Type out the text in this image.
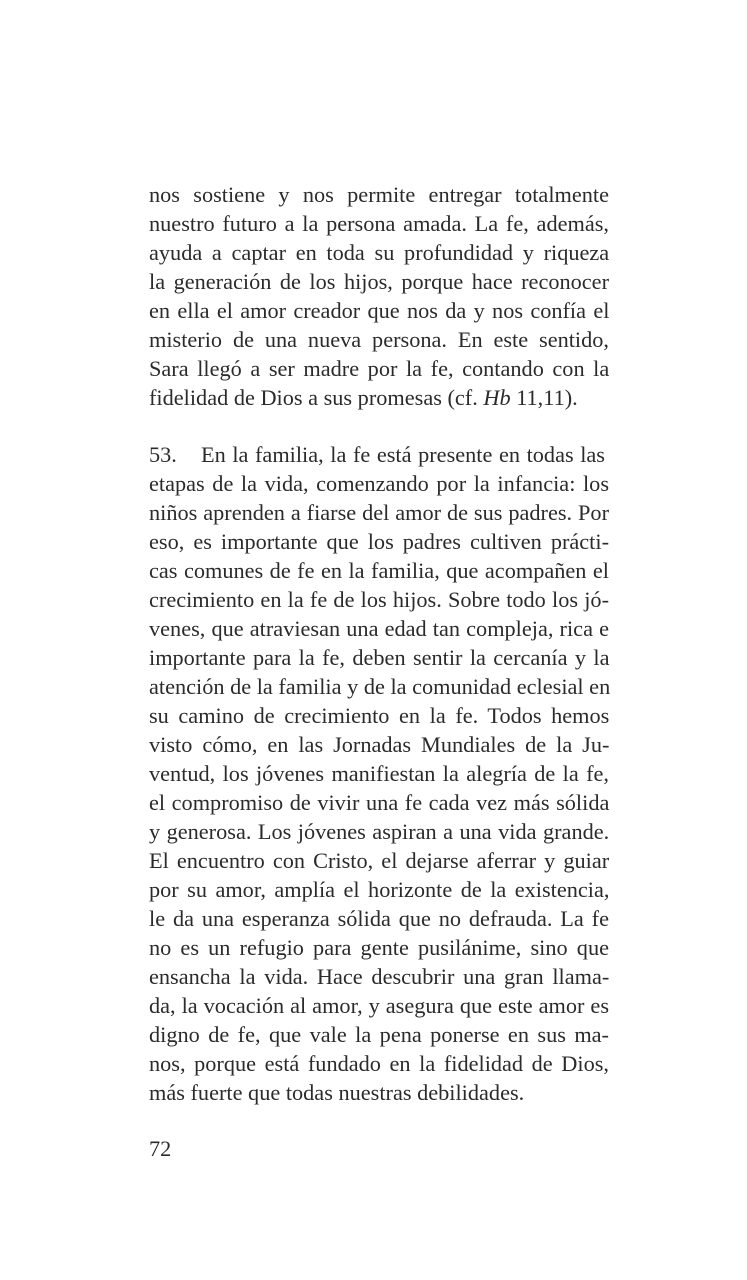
nos sostiene y nos permite entregar totalmente
nuestro futuro a la persona amada. La fe, además,
ayuda a captar en toda su profundidad y riqueza
la generación de los hijos, porque hace reconocer
en ella el amor creador que nos da y nos confía el
misterio de una nueva persona. En este sentido,
Sara llegó a ser madre por la fe, contando con la
fidelidad de Dios a sus promesas (cf. Hb 11,11).
53. En la familia, la fe está presente en todas las
etapas de la vida, comenzando por la infancia: los
niños aprenden a fiarse del amor de sus padres. Por
eso, es importante que los padres cultiven prácti-
cas comunes de fe en la familia, que acompañen el
crecimiento en la fe de los hijos. Sobre todo los jó-
venes, que atraviesan una edad tan compleja, rica e
importante para la fe, deben sentir la cercanía y la
atención de la familia y de la comunidad eclesial en
su camino de crecimiento en la fe. Todos hemos
visto cómo, en las Jornadas Mundiales de la Ju-
ventud, los jóvenes manifiestan la alegría de la fe,
el compromiso de vivir una fe cada vez más sólida
y generosa. Los jóvenes aspiran a una vida grande.
El encuentro con Cristo, el dejarse aferrar y guiar
por su amor, amplía el horizonte de la existencia,
le da una esperanza sólida que no defrauda. La fe
no es un refugio para gente pusilánime, sino que
ensancha la vida. Hace descubrir una gran llama-
da, la vocación al amor, y asegura que este amor es
digno de fe, que vale la pena ponerse en sus ma-
nos, porque está fundado en la fidelidad de Dios,
más fuerte que todas nuestras debilidades.
72
